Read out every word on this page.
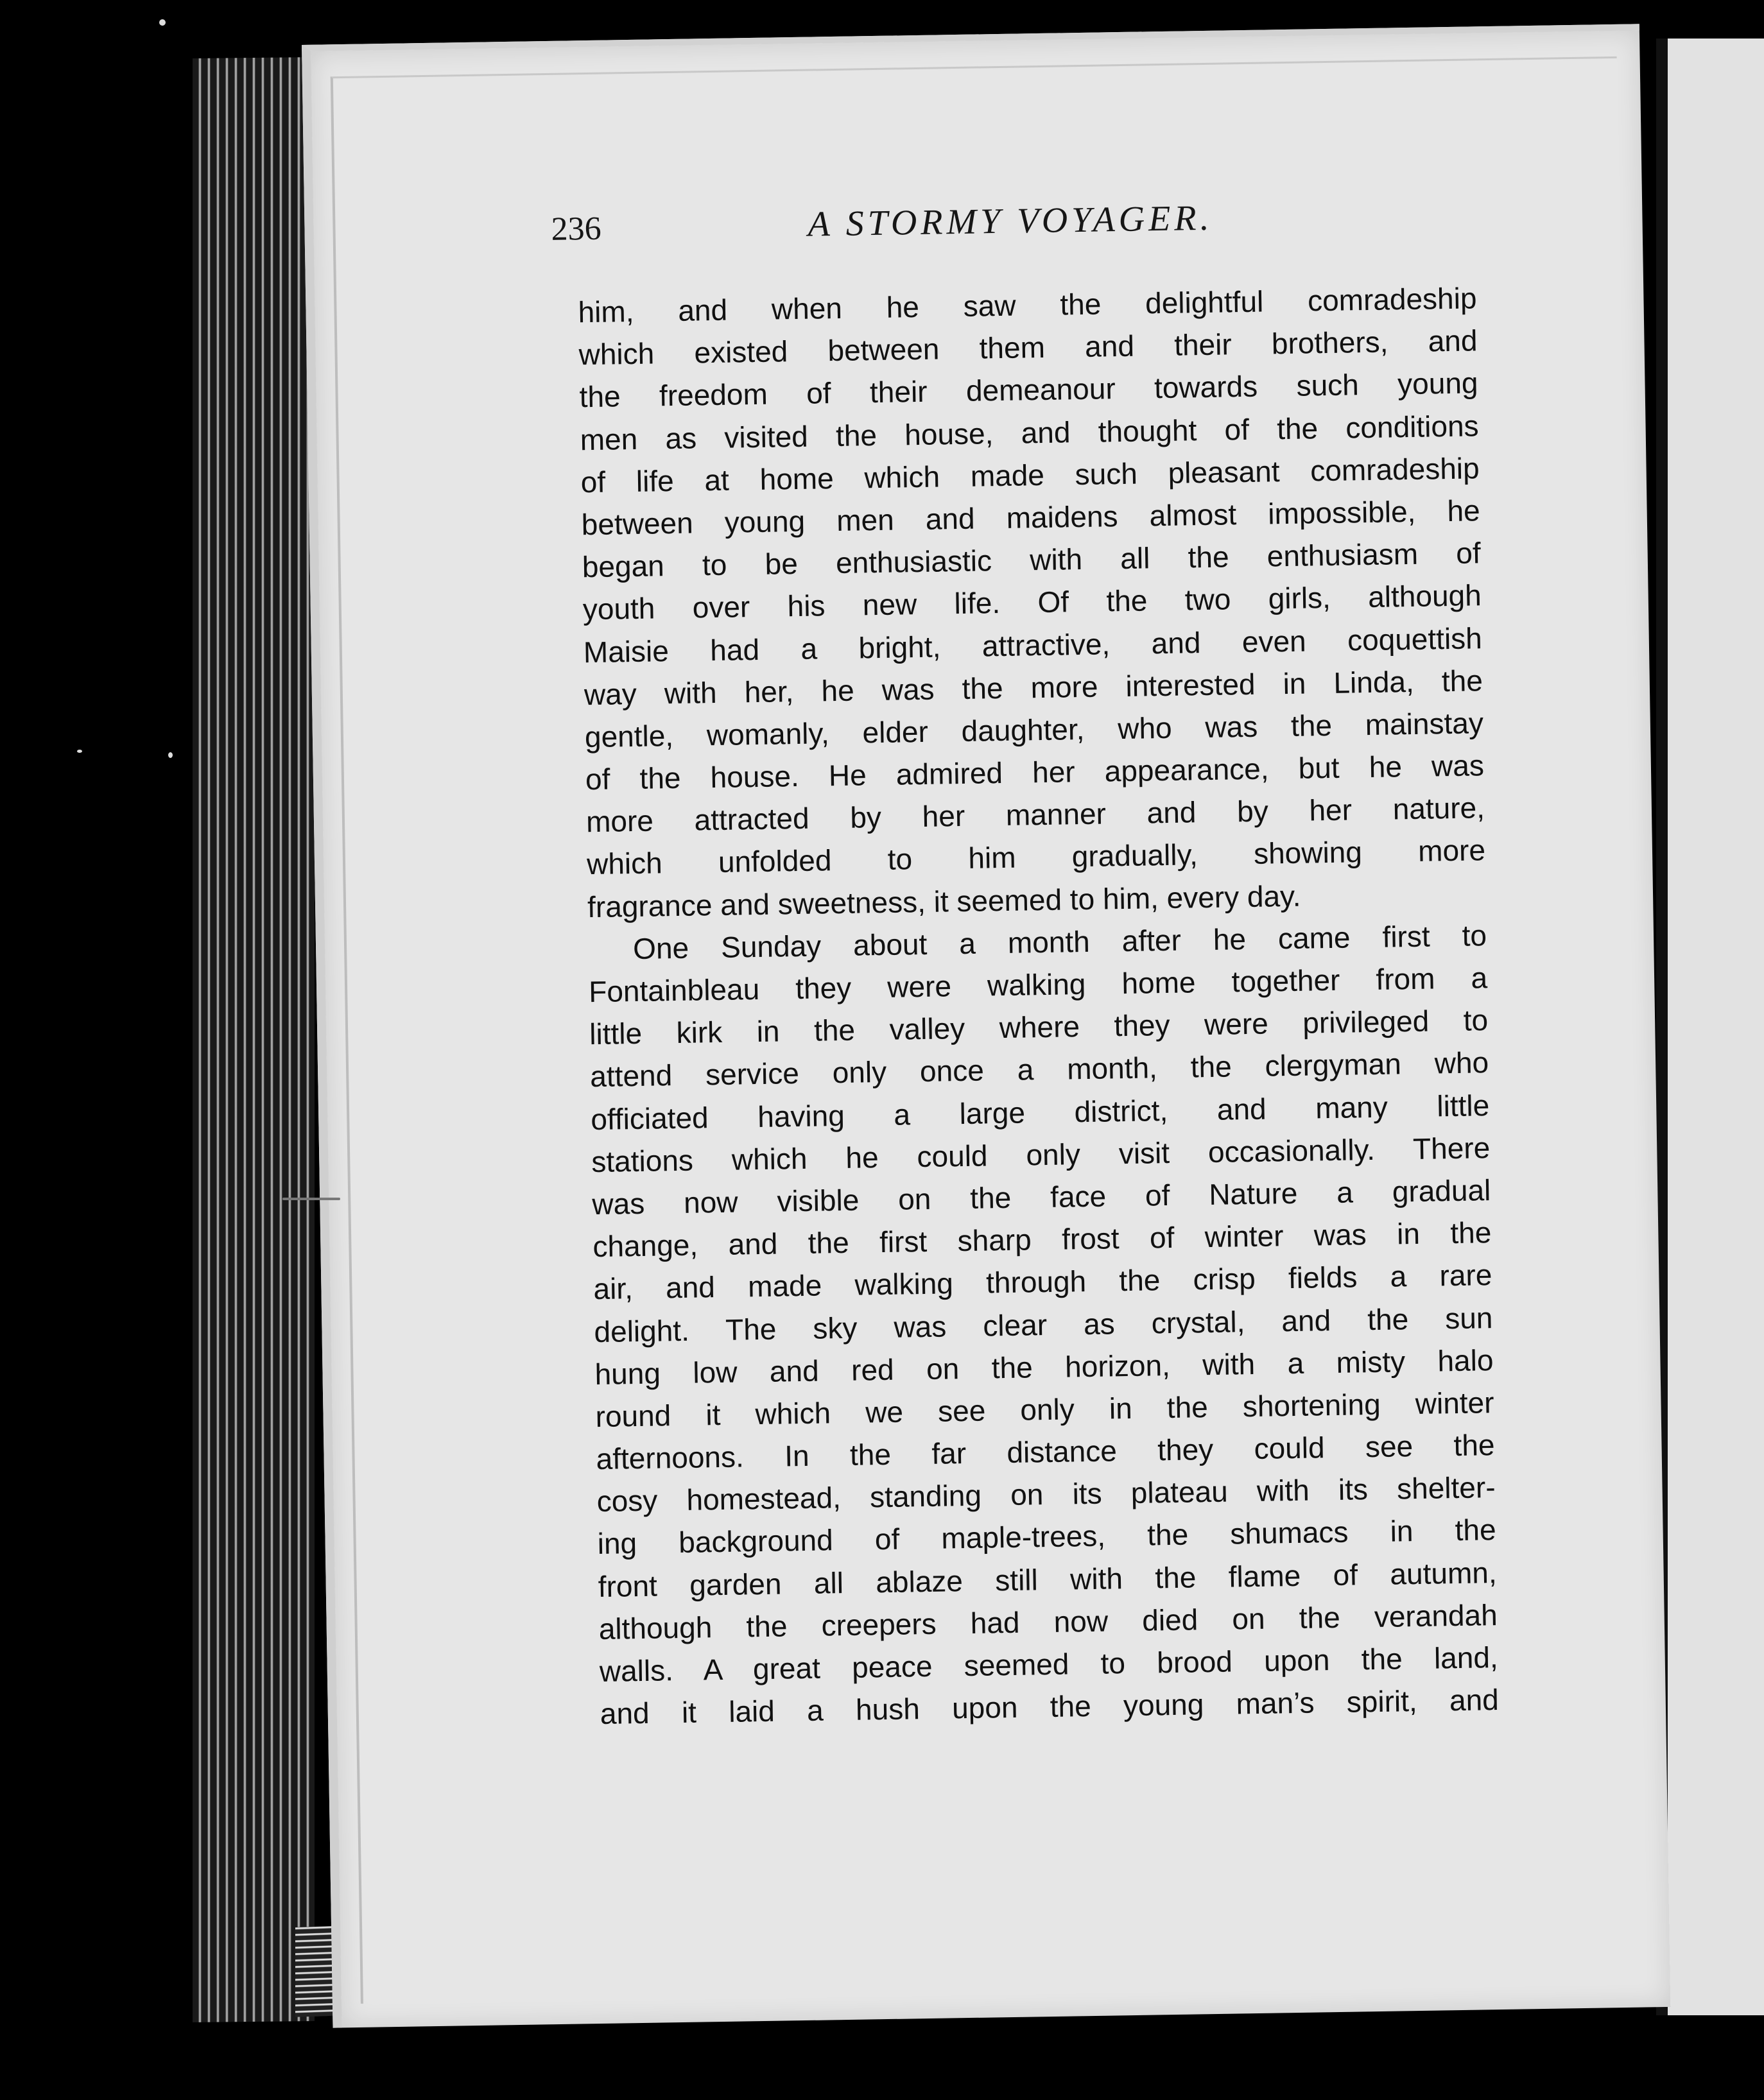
236	A STORMY VOYAGER.
him, and when he saw the delightful comradeship
which existed between them and their brothers, and
the freedom of their demeanour towards such young
men as visited the house, and thought of the conditions
of life at home which made such pleasant comradeship
between young men and maidens almost impossible, he
began to be enthusiastic with all the enthusiasm of
youth over his new life. Of the two girls, although
Maisie had a bright, attractive, and even coquettish
way with her, he was the more interested in Linda, the
gentle, womanly, elder daughter, who was the mainstay
of the house. He admired her appearance, but he was
more attracted by her manner and by her nature,
which unfolded to him gradually, showing more
fragrance and sweetness, it seemed to him, every day.
One Sunday about a month after he came first to
Fontainbleau they were walking home together from a
little kirk in the valley where they were privileged to
attend service only once a month, the clergyman who
officiated having a large district, and many little
stations which he could only visit occasionally. There
was now visible on the face of Nature a gradual
change, and the first sharp frost of winter was in the
air, and made walking through the crisp fields a rare
delight. The sky was clear as crystal, and the sun
hung low and red on the horizon, with a misty halo
round it which we see only in the shortening winter
afternoons. In the far distance they could see the
cosy homestead, standing on its plateau with its shelter-
ing background of maple-trees, the shumacs in the
front garden all ablaze still with the flame of autumn,
although the creepers had now died on the verandah
walls. A great peace seemed to brood upon the land,
and it laid a hush upon the young man’s spirit, and
